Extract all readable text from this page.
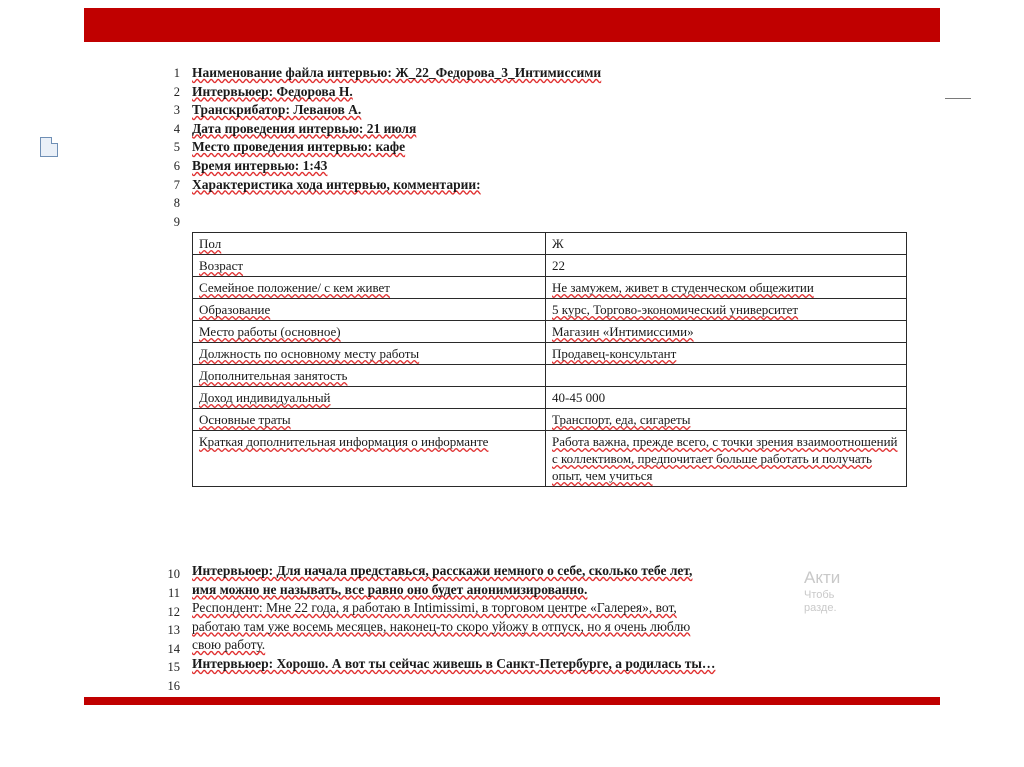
1
2
3
4
5
6
7
8
9
10
11
12
13
14
15
16
Наименование файла интервью: Ж_22_Федорова_3_Интимиссими
Интервьюер: Федорова Н.
Транскрибатор: Леванов А.
Дата проведения интервью: 21 июля
Место проведения интервью: кафе
Время интервью: 1:43
Характеристика хода интервью, комментарии:
Пол	Ж
Возраст	22
Семейное положение/ с кем живет	Не замужем, живет в студенческом общежитии
Образование	5 курс, Торгово-экономический университет
Место работы (основное)	Магазин «Интимиссими»
Должность по основному месту работы	Продавец-консультант
Дополнительная занятость	
Доход индивидуальный	40-45 000
Основные траты	Транспорт, еда, сигареты
Краткая дополнительная информация о информанте	Работа важна, прежде всего, с точки зрения взаимоотношений с коллективом, предпочитает больше работать и получать опыт, чем учиться
Интервьюер: Для начала представься, расскажи немного о себе, сколько тебе лет,
имя можно не называть, все равно оно будет анонимизированно.
Респондент: Мне 22 года, я работаю в Intimissimi, в торговом центре «Галерея», вот,
работаю там уже восемь месяцев, наконец-то скоро уйожу в отпуск, но я очень люблю
свою работу.
Интервьюер: Хорошо. А вот ты сейчас живешь в Санкт-Петербурге, а родилась ты…
Акти
Чтобь
разде.
